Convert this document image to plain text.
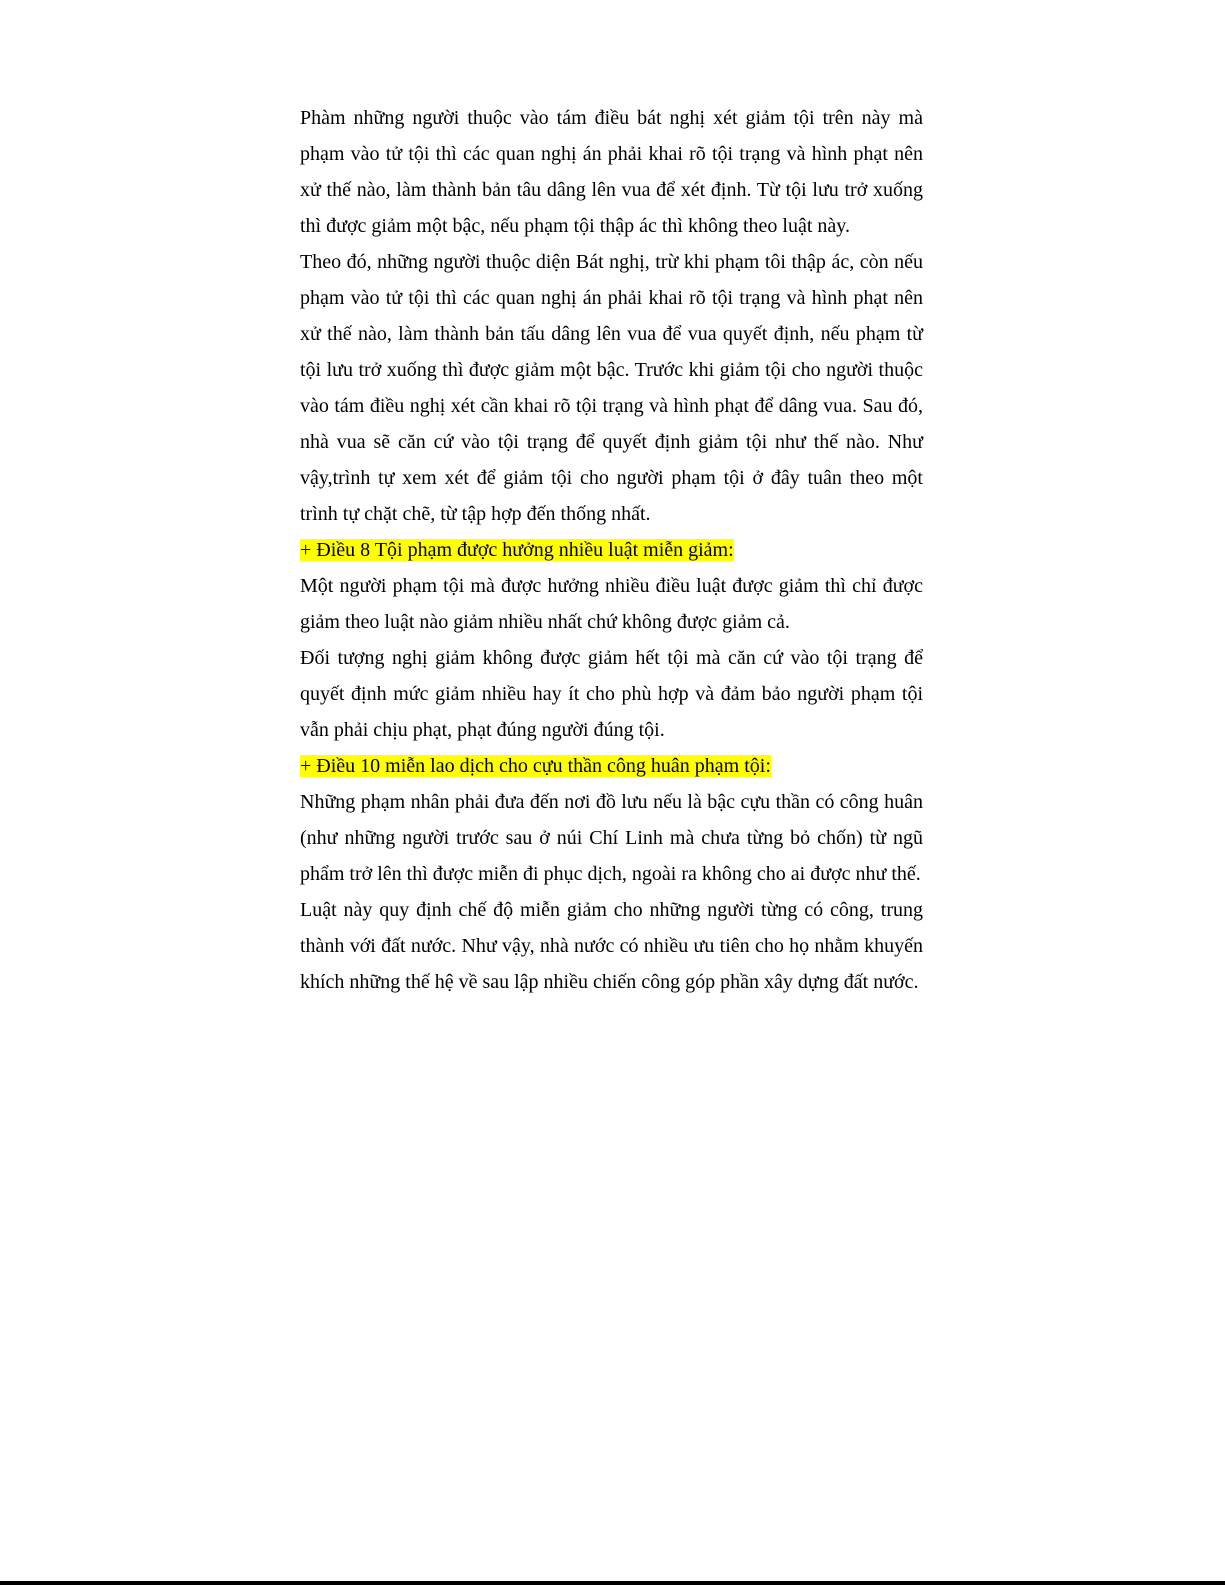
Phàm những người thuộc vào tám điều bát nghị xét giảm tội trên này mà phạm vào tử tội thì các quan nghị án phải khai rõ tội trạng và hình phạt nên xử thế nào, làm thành bản tâu dâng lên vua để xét định. Từ tội lưu trở xuống thì được giảm một bậc, nếu phạm tội thập ác thì không theo luật này.

Theo đó, những người thuộc diện Bát nghị, trừ khi phạm tôi thập ác, còn nếu phạm vào tử tội thì các quan nghị án phải khai rõ tội trạng và hình phạt nên xử thế nào, làm thành bản tấu dâng lên vua để vua quyết định, nếu phạm từ tội lưu trở xuống thì được giảm một bậc. Trước khi giảm tội cho người thuộc vào tám điều nghị xét cần khai rõ tội trạng và hình phạt để dâng vua. Sau đó, nhà vua sẽ căn cứ vào tội trạng để quyết định giảm tội như thế nào. Như vậy,trình tự xem xét để giảm tội cho người phạm tội ở đây tuân theo một trình tự chặt chẽ, từ tập hợp đến thống nhất.

+ Điều 8 Tội phạm được hưởng nhiều luật miễn giảm:

Một người phạm tội mà được hưởng nhiều điều luật được giảm thì chỉ được giảm theo luật nào giảm nhiều nhất chứ không được giảm cả.

Đối tượng nghị giảm không được giảm hết tội mà căn cứ vào tội trạng để quyết định mức giảm nhiều hay ít cho phù hợp và đảm bảo người phạm tội vẫn phải chịu phạt, phạt đúng người đúng tội.

+ Điều 10 miễn lao dịch cho cựu thần công huân phạm tội:

Những phạm nhân phải đưa đến nơi đồ lưu nếu là bậc cựu thần có công huân (như những người trước sau ở núi Chí Linh mà chưa từng bỏ chốn) từ ngũ phẩm trở lên thì được miễn đi phục dịch, ngoài ra không cho ai được như thế.

Luật này quy định chế độ miễn giảm cho những người từng có công, trung thành với đất nước. Như vậy, nhà nước có nhiều ưu tiên cho họ nhằm khuyến khích những thế hệ về sau lập nhiều chiến công góp phần xây dựng đất nước.
